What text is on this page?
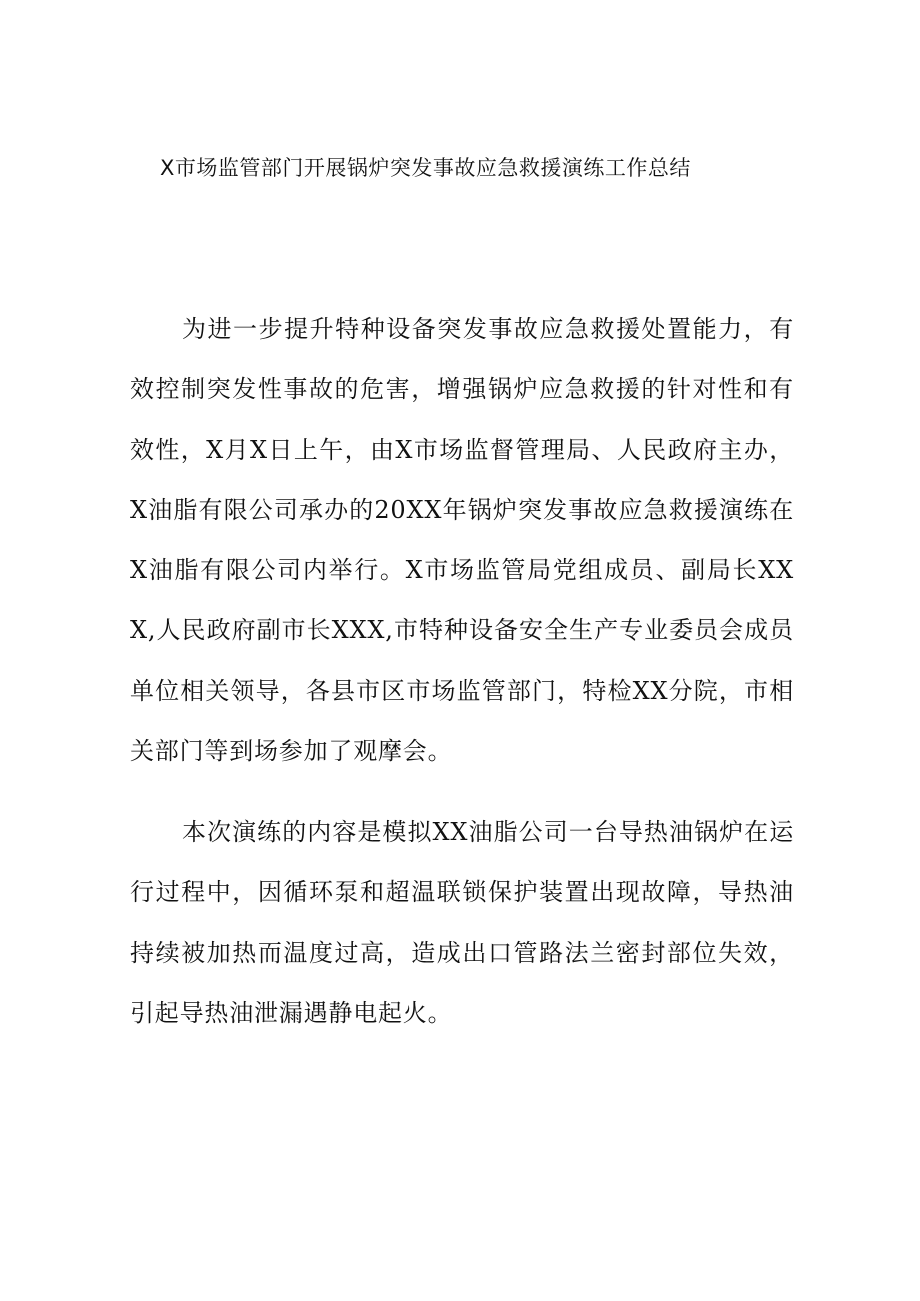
X市场监管部门开展锅炉突发事故应急救援演练工作总结

为进一步提升特种设备突发事故应急救援处置能力，有效控制突发性事故的危害，增强锅炉应急救援的针对性和有效性，X月X日上午，由X市场监督管理局、人民政府主办，X油脂有限公司承办的20XX年锅炉突发事故应急救援演练在X油脂有限公司内举行。X市场监管局党组成员、副局长XXX,人民政府副市长XXX,市特种设备安全生产专业委员会成员单位相关领导，各县市区市场监管部门，特检XX分院，市相关部门等到场参加了观摩会。

本次演练的内容是模拟XX油脂公司一台导热油锅炉在运行过程中，因循环泵和超温联锁保护装置出现故障，导热油持续被加热而温度过高，造成出口管路法兰密封部位失效，引起导热油泄漏遇静电起火。
